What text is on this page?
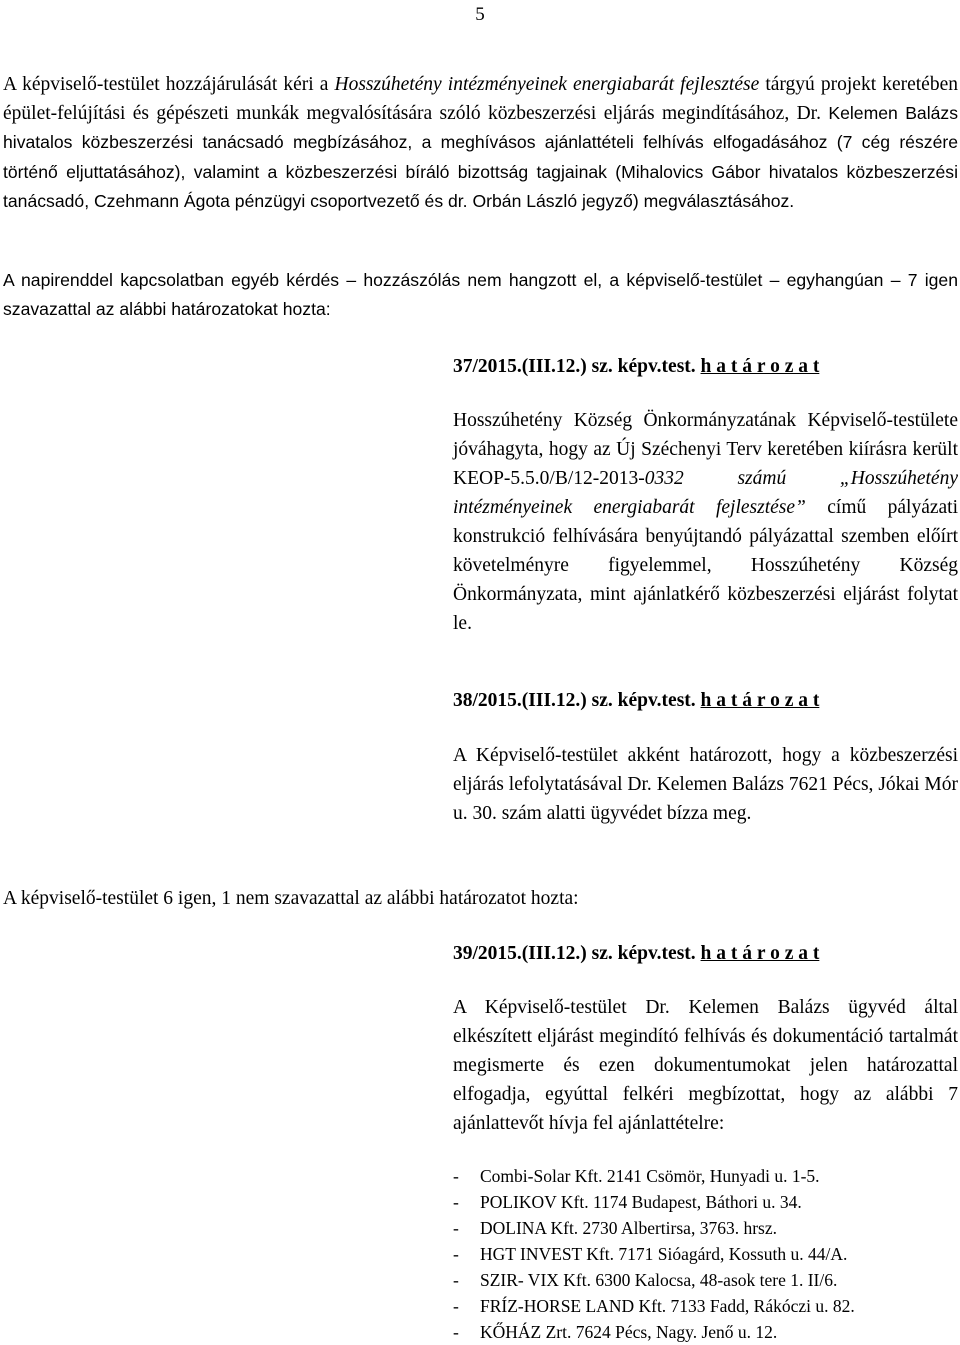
5
A képviselő-testület hozzájárulását kéri a Hosszúhetény intézményeinek energiabarát fejlesztése tárgyú projekt keretében épület-felújítási és gépészeti munkák megvalósítására szóló közbeszerzési eljárás megindításához, Dr. Kelemen Balázs hivatalos közbeszerzési tanácsadó megbízásához, a meghívásos ajánlattételi felhívás elfogadásához (7 cég részére történő eljuttatásához), valamint a közbeszerzési bíráló bizottság tagjainak (Mihalovics Gábor hivatalos közbeszerzési tanácsadó, Czehmann Ágota pénzügyi csoportvezető és dr. Orbán László jegyző) megválasztásához.
A napirenddel kapcsolatban egyéb kérdés – hozzászólás nem hangzott el, a képviselő-testület – egyhangúan – 7 igen szavazattal az alábbi határozatokat hozta:
37/2015.(III.12.) sz. képv.test. h a t á r o z a t
Hosszúhetény Község Önkormányzatának Képviselő-testülete jóváhagyta, hogy az Új Széchenyi Terv keretében kiírásra került KEOP-5.5.0/B/12-2013-0332 számú „Hosszúhetény intézményeinek energiabarát fejlesztése” című pályázati konstrukció felhívására benyújtandó pályázattal szemben előírt követelményre figyelemmel, Hosszúhetény Község Önkormányzata, mint ajánlatkérő közbeszerzési eljárást folytat le.
38/2015.(III.12.) sz. képv.test. h a t á r o z a t
A Képviselő-testület akként határozott, hogy a közbeszerzési eljárás lefolytatásával Dr. Kelemen Balázs 7621 Pécs, Jókai Mór u. 30. szám alatti ügyvédet bízza meg.
A képviselő-testület 6 igen, 1 nem szavazattal az alábbi határozatot hozta:
39/2015.(III.12.) sz. képv.test. h a t á r o z a t
A Képviselő-testület Dr. Kelemen Balázs ügyvéd által elkészített eljárást megindító felhívás és dokumentáció tartalmát megismerte és ezen dokumentumokat jelen határozattal elfogadja, egyúttal felkéri megbízottat, hogy az alábbi 7 ajánlattevőt hívja fel ajánlattételre:
- Combi-Solar Kft. 2141 Csömör, Hunyadi u. 1-5.
- POLIKOV Kft. 1174 Budapest, Báthori u. 34.
- DOLINA Kft. 2730 Albertirsa, 3763. hrsz.
- HGT INVEST Kft. 7171 Sióagárd, Kossuth u. 44/A.
- SZIR- VIX Kft. 6300 Kalocsa, 48-asok tere 1. II/6.
- FRÍZ-HORSE LAND Kft. 7133 Fadd, Rákóczi u. 82.
- KŐHÁZ Zrt. 7624 Pécs, Nagy. Jenő u. 12.
